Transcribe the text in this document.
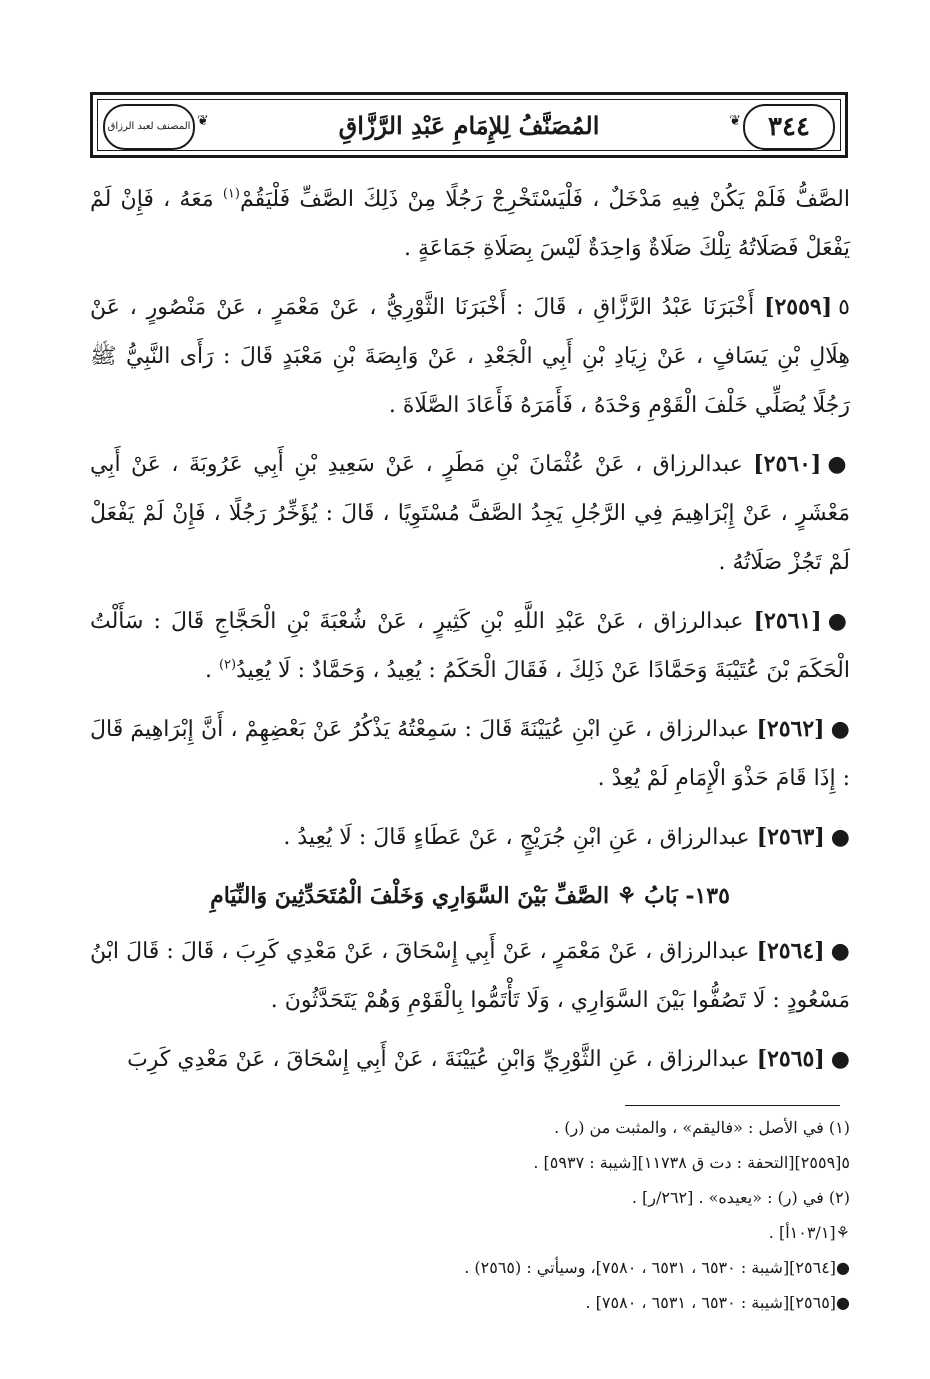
٣٤٤
❦
المُصَنَّفُ لِلإِمَامِ عَبْدِ الرَّزَّاقِ
❦
المصنف لعبد الرزاق

الصَّفُّ فَلَمْ يَكُنْ فِيهِ مَدْخَلٌ ، فَلْيَسْتَخْرِجْ رَجُلًا مِنْ ذَلِكَ الصَّفِّ فَلْيَقُمْ$^{(١)}$ مَعَهُ ، فَإِنْ لَمْ يَفْعَلْ فَصَلَاتُهُ تِلْكَ صَلَاةٌ وَاحِدَةٌ لَيْسَ بِصَلَاةِ جَمَاعَةٍ .

٥[٢٥٥٩] أَخْبَرَنَا عَبْدُ الرَّزَّاقِ ، قَالَ : أَخْبَرَنَا الثَّوْرِيُّ ، عَنْ مَعْمَرٍ ، عَنْ مَنْصُورٍ ، عَنْ هِلَالِ بْنِ يَسَافٍ ، عَنْ زِيَادِ بْنِ أَبِي الْجَعْدِ ، عَنْ وَابِصَةَ بْنِ مَعْبَدٍ قَالَ : رَأَى النَّبِيُّ ﷺ رَجُلًا يُصَلِّي خَلْفَ الْقَوْمِ وَحْدَهُ ، فَأَمَرَهُ فَأَعَادَ الصَّلَاةَ .

●[٢٥٦٠] عبدالرزاق ، عَنْ عُثْمَانَ بْنِ مَطَرٍ ، عَنْ سَعِيدِ بْنِ أَبِي عَرُوبَةَ ، عَنْ أَبِي مَعْشَرٍ ، عَنْ إِبْرَاهِيمَ فِي الرَّجُلِ يَجِدُ الصَّفَّ مُسْتَوِيًا ، قَالَ : يُؤَخِّرُ رَجُلًا ، فَإِنْ لَمْ يَفْعَلْ لَمْ تَجُزْ صَلَاتُهُ .

●[٢٥٦١] عبدالرزاق ، عَنْ عَبْدِ اللَّهِ بْنِ كَثِيرٍ ، عَنْ شُعْبَةَ بْنِ الْحَجَّاجِ قَالَ : سَأَلْتُ الْحَكَمَ بْنَ عُتَيْبَةَ وَحَمَّادًا عَنْ ذَلِكَ ، فَقَالَ الْحَكَمُ : يُعِيدُ ، وَحَمَّادٌ : لَا يُعِيدُ$^{(٢)}$ .

●[٢٥٦٢] عبدالرزاق ، عَنِ ابْنِ عُيَيْنَةَ قَالَ : سَمِعْتُهُ يَذْكُرُ عَنْ بَعْضِهِمْ ، أَنَّ إِبْرَاهِيمَ قَالَ : إِذَا قَامَ حَذْوَ الْإِمَامِ لَمْ يُعِدْ .

●[٢٥٦٣] عبدالرزاق ، عَنِ ابْنِ جُرَيْجٍ ، عَنْ عَطَاءٍ قَالَ : لَا يُعِيدُ .

١٣٥- بَابُ ⚘ الصَّفِّ بَيْنَ السَّوَارِي وَخَلْفَ الْمُتَحَدِّثِينَ وَالنِّيَامِ

●[٢٥٦٤] عبدالرزاق ، عَنْ مَعْمَرٍ ، عَنْ أَبِي إِسْحَاقَ ، عَنْ مَعْدِي كَرِبَ ، قَالَ : قَالَ ابْنُ مَسْعُودٍ : لَا تَصُفُّوا بَيْنَ السَّوَارِي ، وَلَا تَأْتَمُّوا بِالْقَوْمِ وَهُمْ يَتَحَدَّثُونَ .

●[٢٥٦٥] عبدالرزاق ، عَنِ الثَّوْرِيِّ وَابْنِ عُيَيْنَةَ ، عَنْ أَبِي إِسْحَاقَ ، عَنْ مَعْدِي كَرِبَ

(١) في الأصل : «فاليقم» ، والمثبت من (ر) .

٥[٢٥٥٩][التحفة : دت ق ١١٧٣٨][شيبة : ٥٩٣٧] .

(٢) في (ر) : «يعيده» . [٢٦٢/ر] .

⚘[١٠٣/١أ] .

●[٢٥٦٤][شيبة : ٦٥٣٠ ، ٦٥٣١ ، ٧٥٨٠]، وسيأتي : (٢٥٦٥) .

●[٢٥٦٥][شيبة : ٦٥٣٠ ، ٦٥٣١ ، ٧٥٨٠] .
